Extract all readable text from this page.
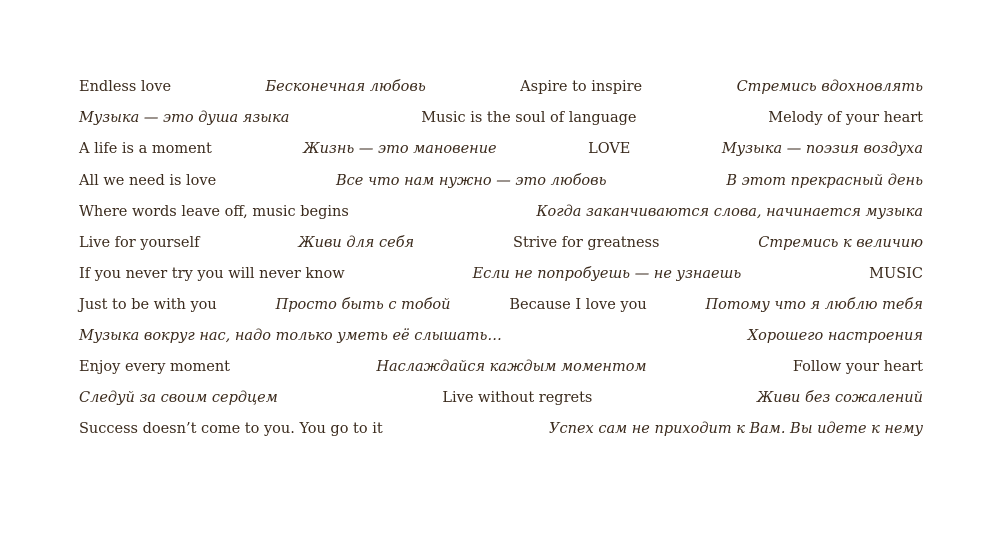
Endless love	Бесконечная любовь	Aspire to inspire	Стремись вдохновлять
Музыка — это душа языка	Music is the soul of language	Melody of your heart
A life is a moment	Жизнь — это мановение	LOVE	Музыка — поэзия воздуха
All we need is love	Все что нам нужно — это любовь	В этот прекрасный день
Where words leave off, music begins	Когда заканчиваются слова, начинается музыка
Live for yourself	Живи для себя	Strive for greatness	Стремись к величию
If you never try you will never know	Если не попробуешь — не узнаешь	MUSIC
Just to be with you	Просто быть с тобой	Because I love you	Потому что я люблю тебя
Музыка вокруг нас, надо только уметь её слышать…	Хорошего настроения
Enjoy every moment	Наслаждайся каждым моментом	Follow your heart
Следуй за своим сердцем	Live without regrets	Живи без сожалений
Success doesn’t come to you. You go to it	Успех сам не приходит к Вам. Вы идете к нему
